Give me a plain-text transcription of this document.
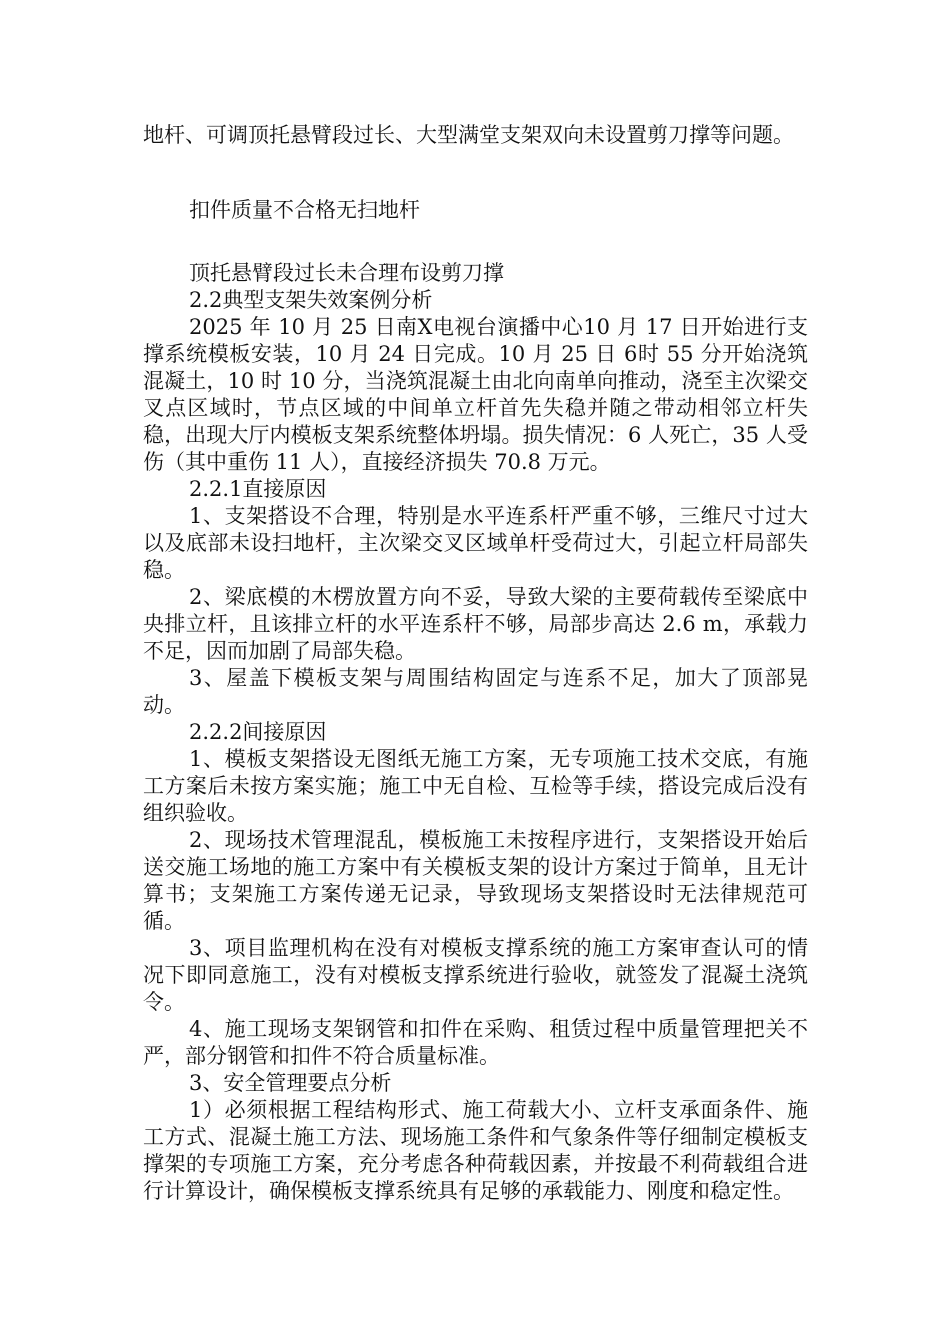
地杆、可调顶托悬臂段过长、大型满堂支架双向未设置剪刀撑等问题。

扣件质量不合格无扫地杆

顶托悬臂段过长未合理布设剪刀撑

2.2典型支架失效案例分析

2025 年 10 月 25 日南X电视台演播中心10 月 17 日开始进行支撑系统模板安装，10 月 24 日完成。10 月 25 日 6时 55 分开始浇筑混凝土，10 时 10 分，当浇筑混凝土由北向南单向推动，浇至主次梁交叉点区域时，节点区域的中间单立杆首先失稳并随之带动相邻立杆失稳，出现大厅内模板支架系统整体坍塌。损失情况：6 人死亡，35 人受伤（其中重伤 11 人），直接经济损失 70.8 万元。

2.2.1直接原因

1、支架搭设不合理，特别是水平连系杆严重不够，三维尺寸过大以及底部未设扫地杆，主次梁交叉区域单杆受荷过大，引起立杆局部失稳。

2、梁底模的木楞放置方向不妥，导致大梁的主要荷载传至梁底中央排立杆，且该排立杆的水平连系杆不够，局部步高达 2.6 m，承载力不足，因而加剧了局部失稳。

3、屋盖下模板支架与周围结构固定与连系不足，加大了顶部晃动。

2.2.2间接原因

1、模板支架搭设无图纸无施工方案，无专项施工技术交底，有施工方案后未按方案实施；施工中无自检、互检等手续，搭设完成后没有组织验收。

2、现场技术管理混乱，模板施工未按程序进行，支架搭设开始后送交施工场地的施工方案中有关模板支架的设计方案过于简单，且无计算书；支架施工方案传递无记录，导致现场支架搭设时无法律规范可循。

3、项目监理机构在没有对模板支撑系统的施工方案审查认可的情况下即同意施工，没有对模板支撑系统进行验收，就签发了混凝土浇筑令。

4、施工现场支架钢管和扣件在采购、租赁过程中质量管理把关不严，部分钢管和扣件不符合质量标准。

3、安全管理要点分析

1）必须根据工程结构形式、施工荷载大小、立杆支承面条件、施工方式、混凝土施工方法、现场施工条件和气象条件等仔细制定模板支撑架的专项施工方案，充分考虑各种荷载因素，并按最不利荷载组合进行计算设计，确保模板支撑系统具有足够的承载能力、刚度和稳定性。
